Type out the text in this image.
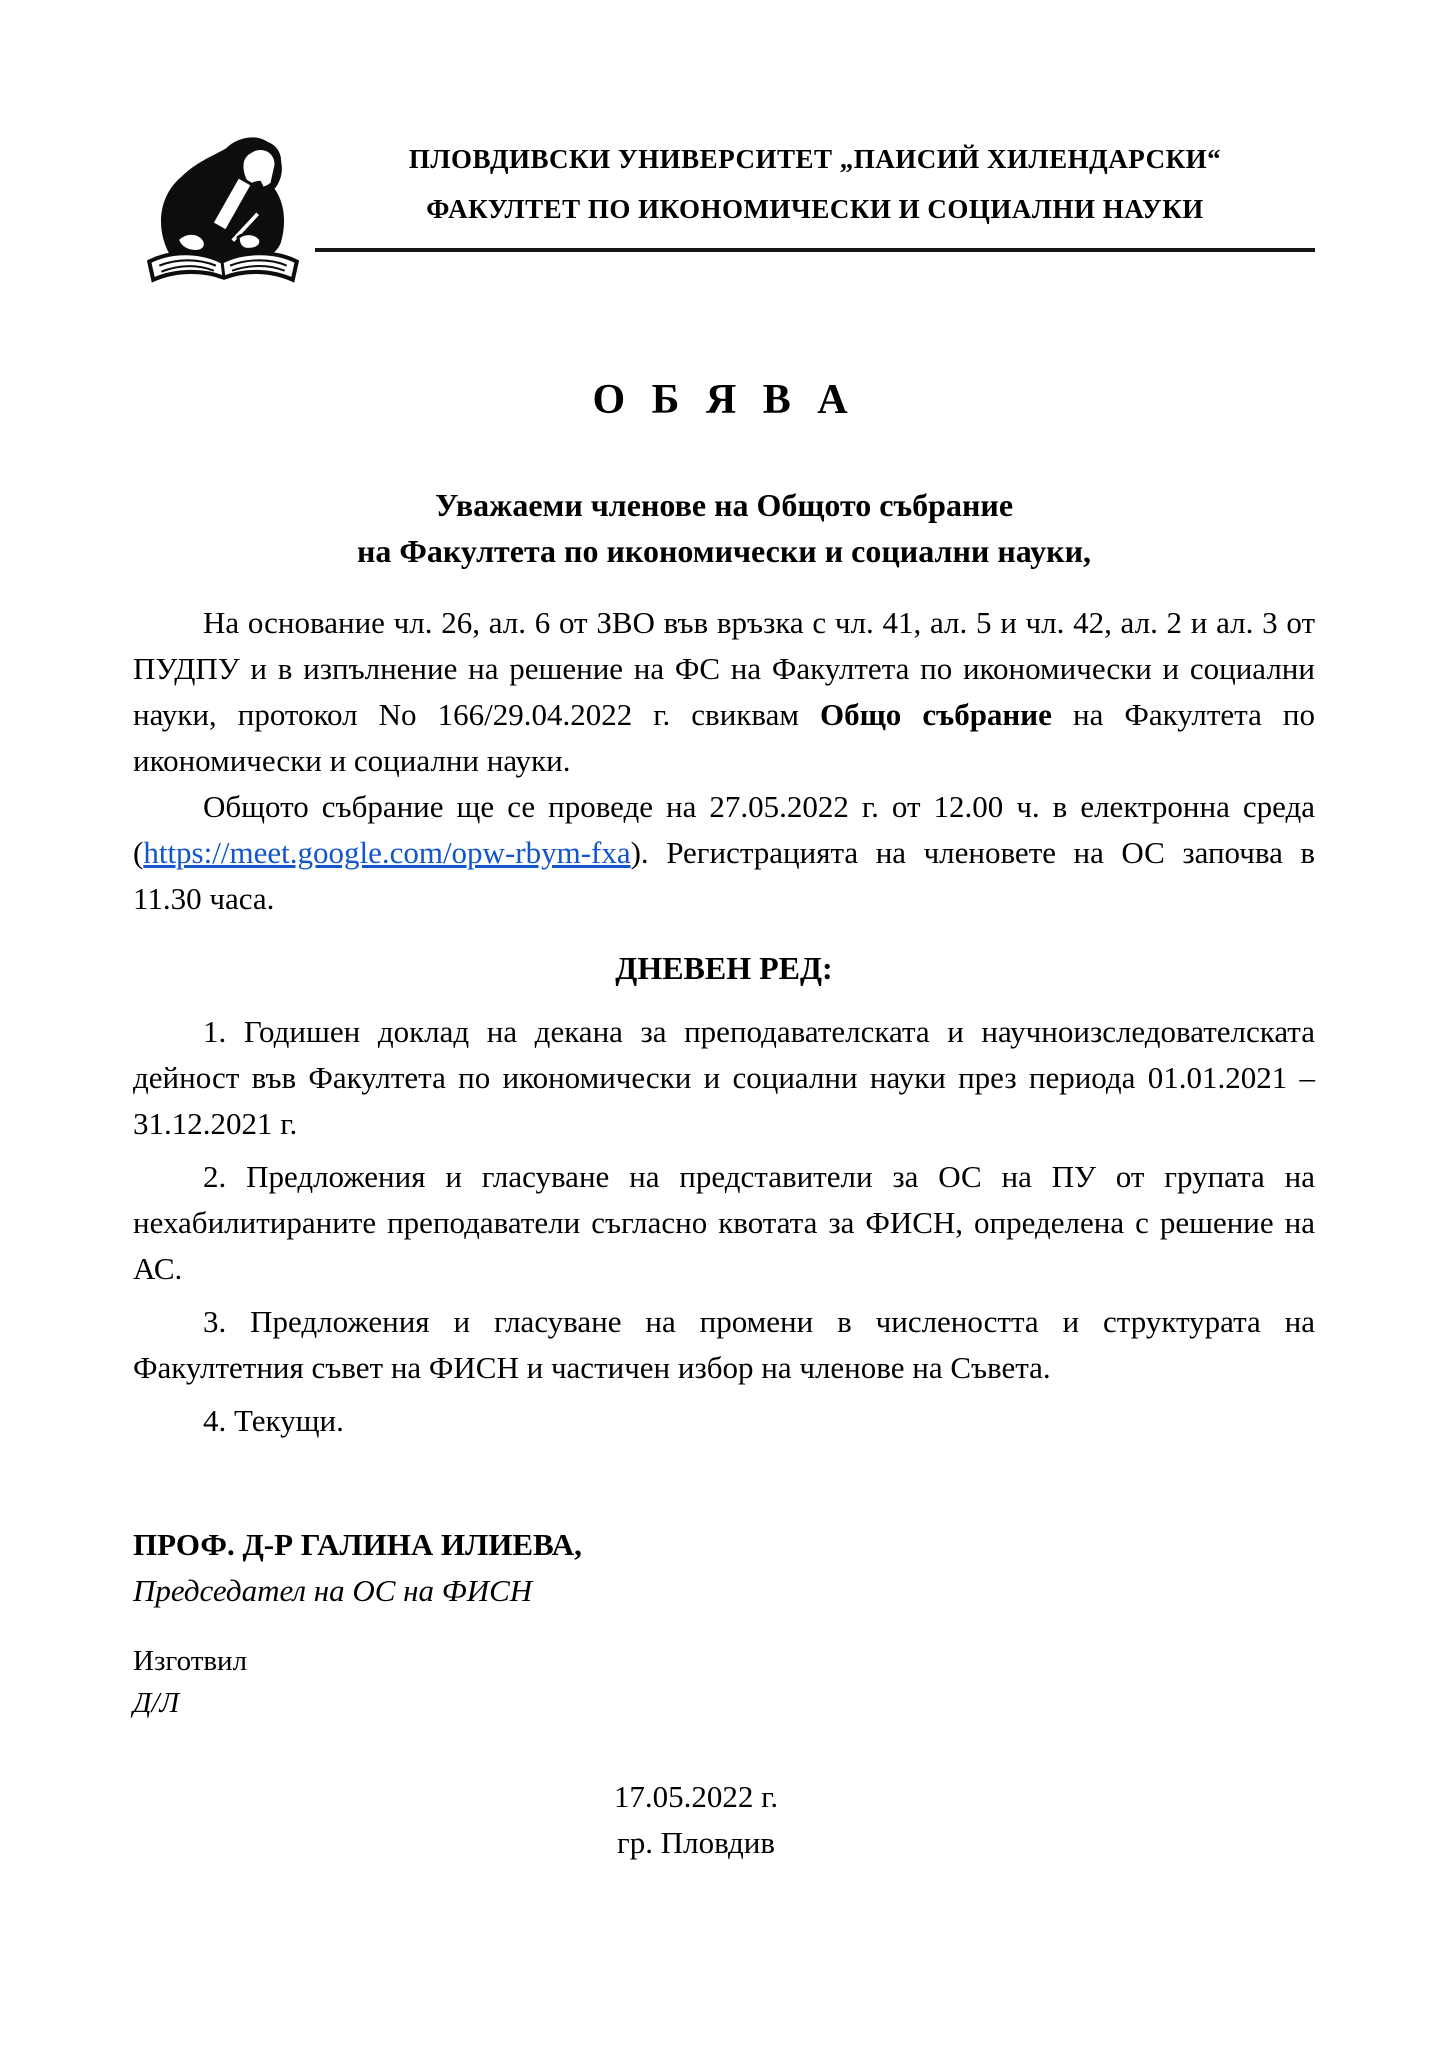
ПЛОВДИВСКИ УНИВЕРСИТЕТ „ПАИСИЙ ХИЛЕНДАРСКИ“
ФАКУЛТЕТ ПО ИКОНОМИЧЕСКИ И СОЦИАЛНИ НАУКИ
О Б Я В А
Уважаеми членове на Общото събрание
на Факултета по икономически и социални науки,

На основание чл. 26, ал. 6 от ЗВО във връзка с чл. 41, ал. 5 и чл. 42, ал. 2 и ал. 3 от ПУДПУ и в изпълнение на решение на ФС на Факултета по икономически и социални науки, протокол No 166/29.04.2022 г. свиквам Общо събрание на Факултета по икономически и социални науки.

Общото събрание ще се проведе на 27.05.2022 г. от 12.00 ч. в електронна среда (https://meet.google.com/opw-rbym-fxa). Регистрацията на членовете на ОС започва в 11.30 часа.

ДНЕВЕН РЕД:

1. Годишен доклад на декана за преподавателската и научноизследователската дейност във Факултета по икономически и социални науки през периода 01.01.2021 – 31.12.2021 г.

2. Предложения и гласуване на представители за ОС на ПУ от групата на нехабилитираните преподаватели съгласно квотата за ФИСН, определена с решение на АС.

3. Предложения и гласуване на промени в числеността и структурата на Факултетния съвет на ФИСН и частичен избор на членове на Съвета.

4. Текущи.

ПРОФ. Д-Р ГАЛИНА ИЛИЕВА,
Председател на ОС на ФИСН
Изготвил
Д/Л
17.05.2022 г.
гр. Пловдив
